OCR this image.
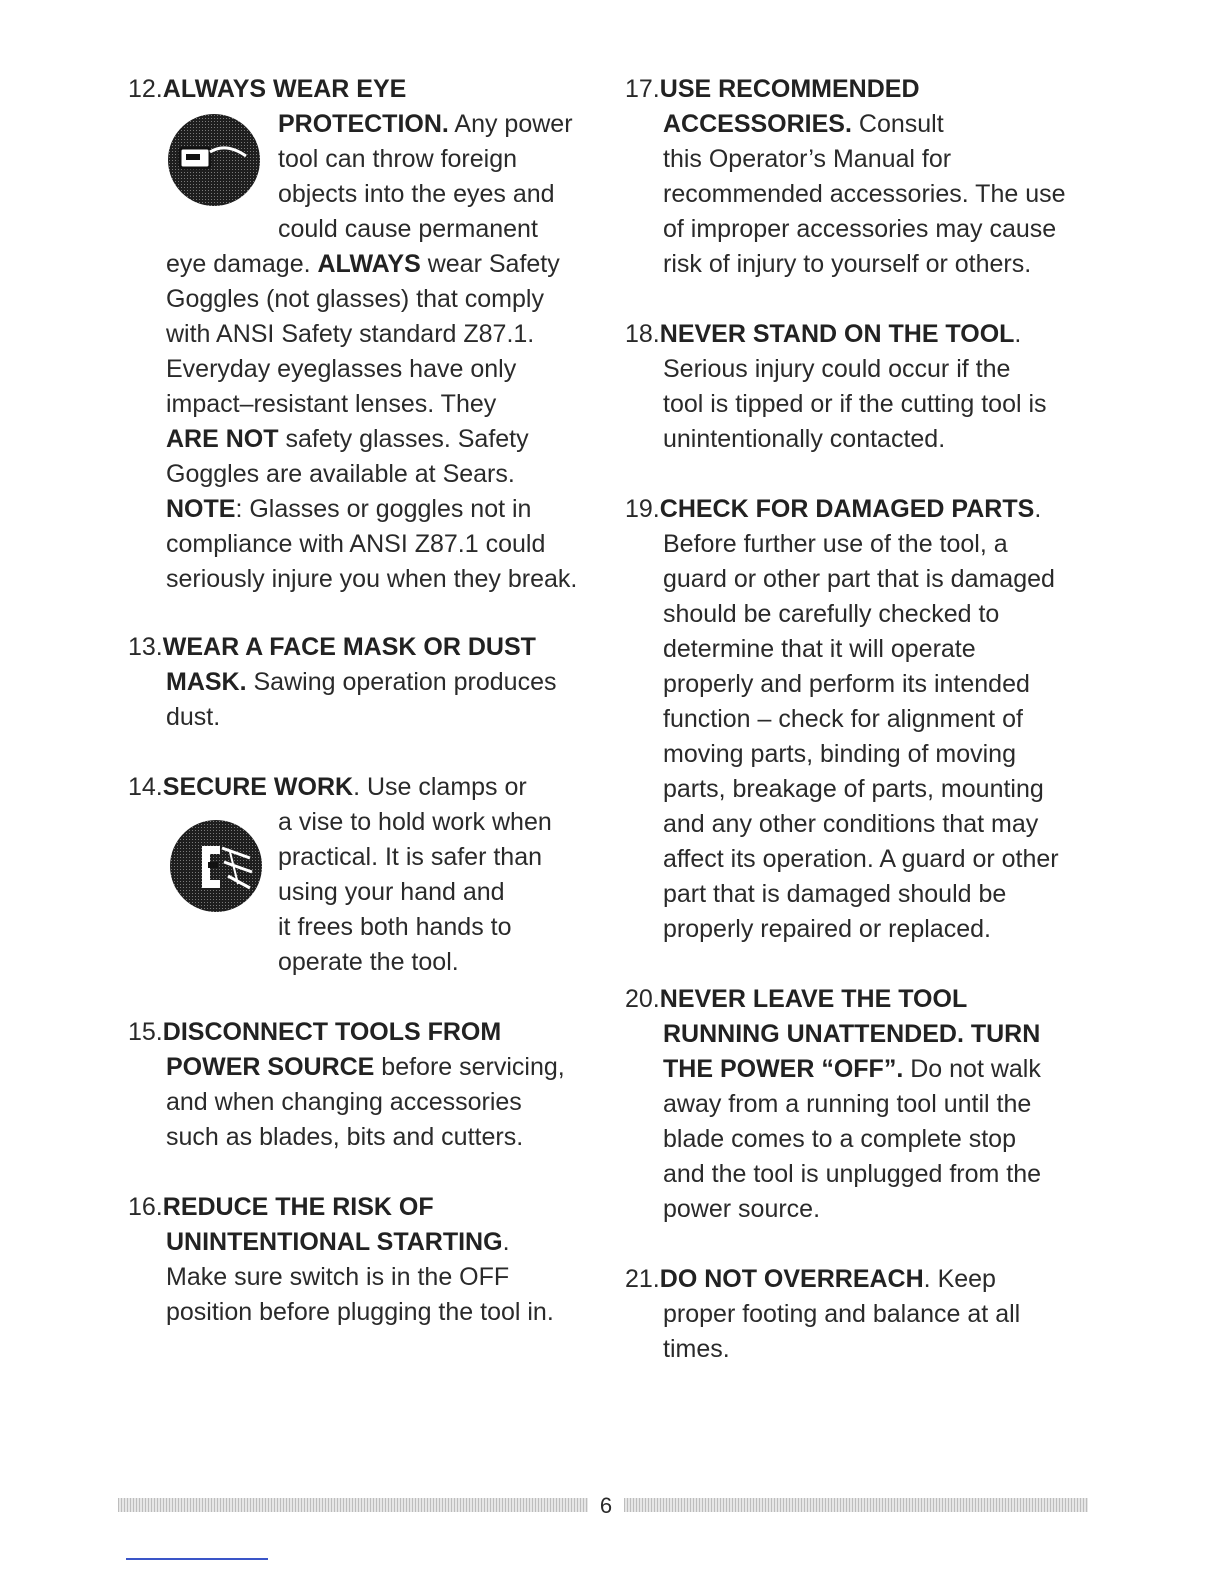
12.ALWAYS WEAR EYE
PROTECTION. Any power
tool can throw foreign
objects into the eyes and
could cause permanent
eye damage. ALWAYS wear Safety
Goggles (not glasses) that comply
with ANSI Safety standard Z87.1.
Everyday eyeglasses have only
impact–resistant lenses. They
ARE NOT safety glasses. Safety
Goggles are available at Sears.
NOTE: Glasses or goggles not in
compliance with ANSI Z87.1 could
seriously injure you when they break.
13.WEAR A FACE MASK OR DUST
MASK. Sawing operation produces
dust.
14.SECURE WORK. Use clamps or
a vise to hold work when
practical. It is safer than
using your hand and
it frees both hands to
operate the tool.
15.DISCONNECT TOOLS FROM
POWER SOURCE before servicing,
and when changing accessories
such as blades, bits and cutters.
16.REDUCE THE RISK OF
UNINTENTIONAL STARTING.
Make sure switch is in the OFF
position before plugging the tool in.
17.USE RECOMMENDED
ACCESSORIES. Consult
this Operator’s Manual for
recommended accessories. The use
of improper accessories may cause
risk of injury to yourself or others.
18.NEVER STAND ON THE TOOL.
Serious injury could occur if the
tool is tipped or if the cutting tool is
unintentionally contacted.
19.CHECK FOR DAMAGED PARTS.
Before further use of the tool, a
guard or other part that is damaged
should be carefully checked to
determine that it will operate
properly and perform its intended
function – check for alignment of
moving parts, binding of moving
parts, breakage of parts, mounting
and any other conditions that may
affect its operation. A guard or other
part that is damaged should be
properly repaired or replaced.
20.NEVER LEAVE THE TOOL
RUNNING UNATTENDED. TURN
THE POWER “OFF”. Do not walk
away from a running tool until the
blade comes to a complete stop
and the tool is unplugged from the
power source.
21.DO NOT OVERREACH. Keep
proper footing and balance at all
times.
6
